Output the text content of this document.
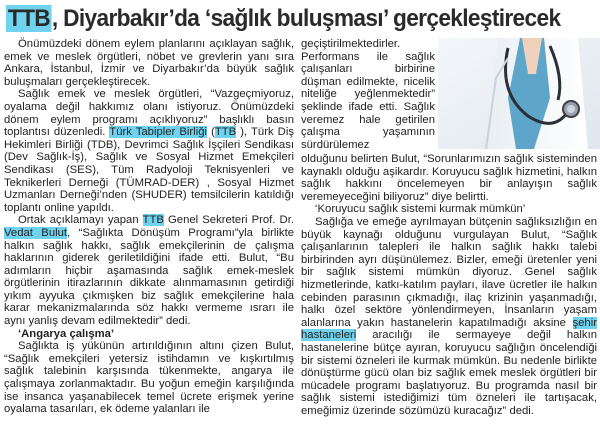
TTB, Diyarbakır’da ‘sağlık buluşması’ gerçekleştirecek

Önümüzdeki dönem eylem planlarını açıklayan sağlık, emek ve meslek örgütleri, nöbet ve grevlerin yanı sıra Ankara, İstanbul, İzmir ve Diyarbakır’da büyük sağlık buluşmaları gerçekleştirecek.

Sağlık emek ve meslek örgütleri, “Vazgeçmiyoruz, oyalama değil hakkımız olanı istiyoruz. Önümüzdeki dönem eylem programı açıklıyoruz” başlıklı basın toplantısı düzenledi. Türk Tabipler Birliği (TTB ), Türk Diş Hekimleri Birliği (TDB), Devrimci Sağlık İşçileri Sendikası (Dev Sağlık-İş), Sağlık ve Sosyal Hizmet Emekçileri Sendikası (SES), Tüm Radyoloji Teknisyenleri ve Teknikerleri Derneği (TÜMRAD-DER) , Sosyal Hizmet Uzmanları Derneği’nden (SHUDER) temsilcilerin katıldığı toplantı online yapıldı.

Ortak açıklamayı yapan TTB Genel Sekreteri Prof. Dr. Vedat Bulut, “Sağlıkta Dönüşüm Programı”yla birlikte halkın sağlık hakkı, sağlık emekçilerinin de çalışma haklarının giderek geriletildiğini ifade etti. Bulut, “Bu adımların hiçbir aşamasında sağlık emek-meslek örgütlerinin itirazlarının dikkate alınmamasının getirdiği yıkım ayyuka çıkmışken biz sağlık emekçilerine hala karar mekanizmalarında söz hakkı vermeme ısrarı ile aynı yanlış devam edilmektedir” dedi.

‘Angarya çalışma’

Sağlıkta iş yükünün artırıldığının altını çizen Bulut, “Sağlık emekçileri yetersiz istihdamın ve kışkırtılmış sağlık talebinin karşısında tükenmekte, angarya ile çalışmaya zorlanmaktadır. Bu yoğun emeğin karşılığında ise insanca yaşanabilecek temel ücrete erişmek yerine oyalama tasarıları, ek ödeme yalanları ile

geçiştirilmektedirler. Performans ile sağlık çalışanları birbirine düşman edilmekte, nicelik niteliğe yeğlenmektedir” şeklinde ifade etti. Sağlık veremez hale getirilen çalışma yaşamının sürdürülemez

olduğunu belirten Bulut, “Sorunlarımızın sağlık sisteminden kaynaklı olduğu aşikardır. Koruyucu sağlık hizmetini, halkın sağlık hakkını öncelemeyen bir anlayışın sağlık veremeyeceğini biliyoruz” diye belirtti.

‘Koruyucu sağlık sistemi kurmak mümkün’

Sağlığa ve emeğe ayrılmayan bütçenin sağlıksızlığın en büyük kaynağı olduğunu vurgulayan Bulut, “Sağlık çalışanlarının talepleri ile halkın sağlık hakkı talebi birbirinden ayrı düşünülemez. Bizler, emeği üretenler yeni bir sağlık sistemi mümkün diyoruz. Genel sağlık hizmetlerinde, katkı-katılım payları, ilave ücretler ile halkın cebinden parasının çıkmadığı, ilaç krizinin yaşanmadığı, halkı özel sektöre yönlendirmeyen, İnsanların yaşam alanlarına yakın hastanelerin kapatılmadığı aksine şehir hastaneleri aracılığı ile sermayeye değil halkın hastanelerine bütçe ayıran, koruyucu sağlığın öncelendiği bir sistemi özneleri ile kurmak mümkün. Bu nedenle birlikte dönüştürme gücü olan biz sağlık emek meslek örgütleri bir mücadele programı başlatıyoruz. Bu programda nasıl bir sağlık sistemi istediğimizi tüm özneleri ile tartışacak, emeğimiz üzerinde sözümüzü kuracağız” dedi.
